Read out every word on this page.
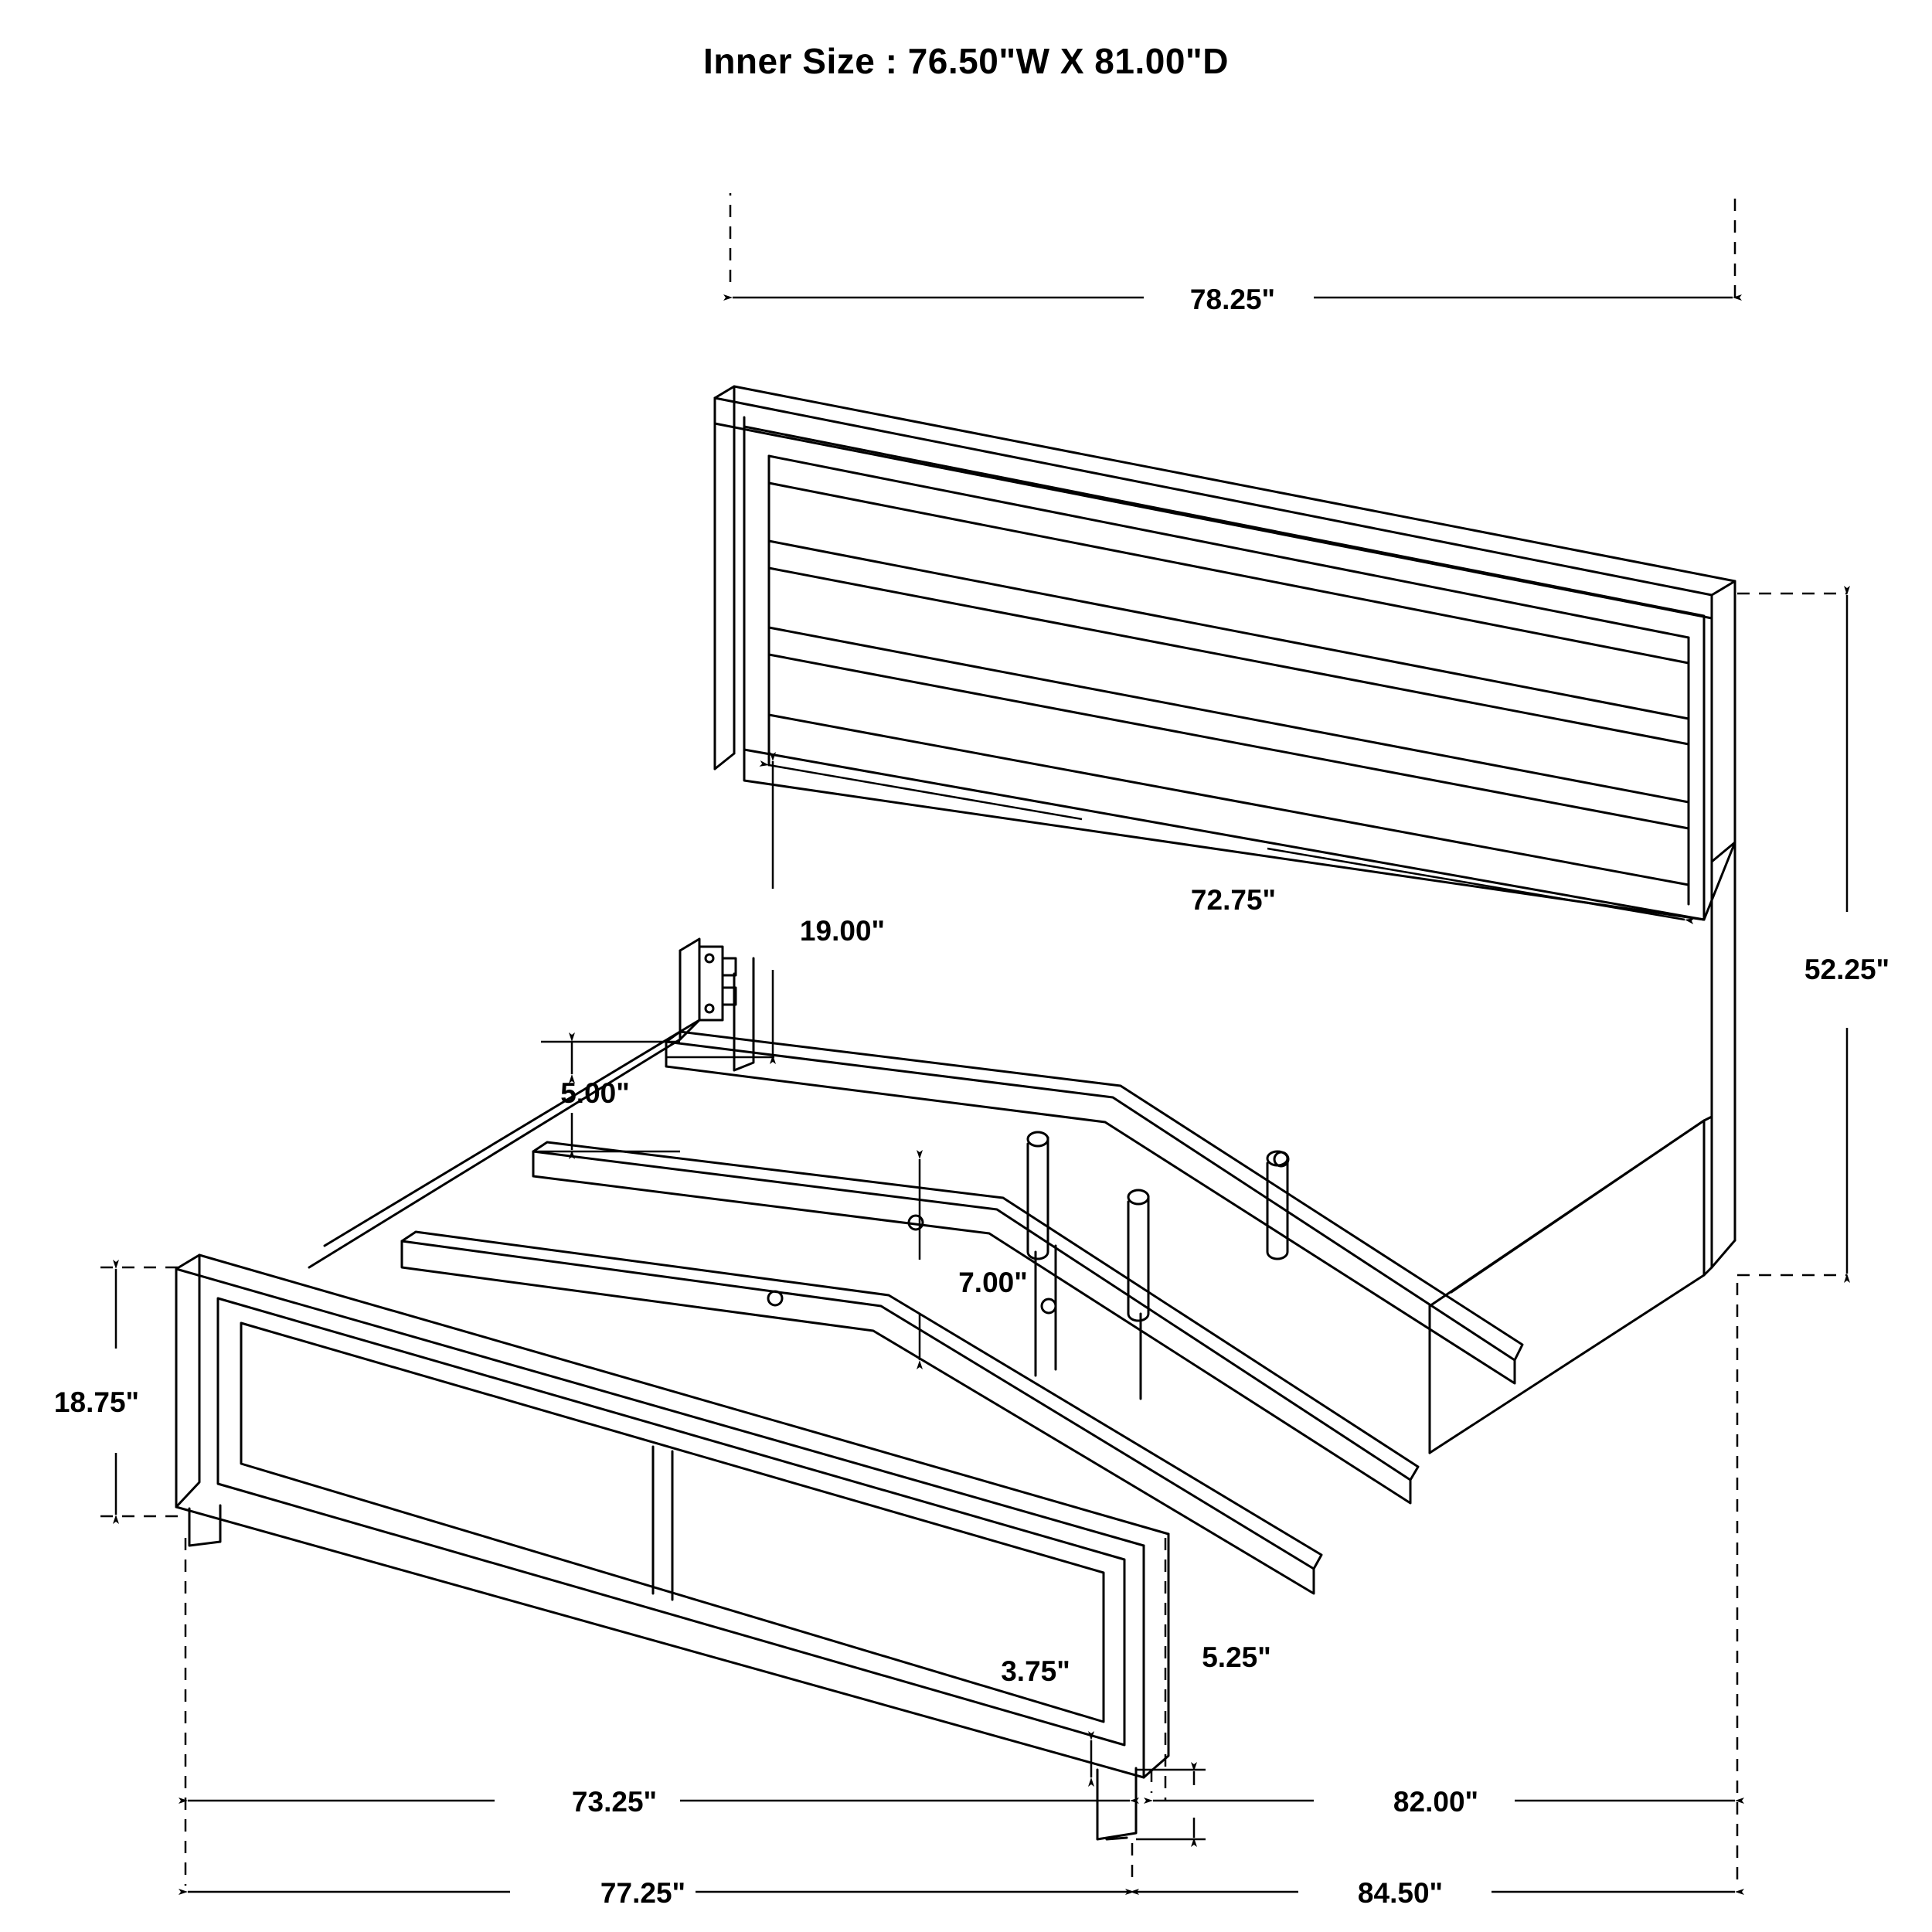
Inner Size : 76.50"W X 81.00"D
78.25"
52.25"
72.75"
19.00"
5.00"
7.00"
18.75"
3.75"	5.25"
73.25"	82.00"
77.25"	84.50"
